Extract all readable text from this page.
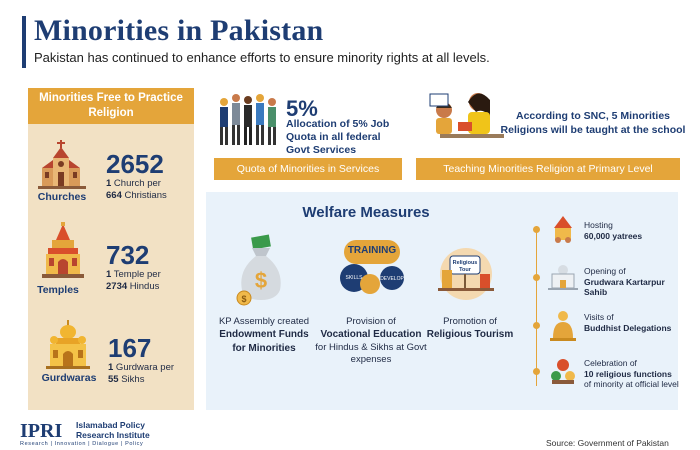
Minorities in Pakistan
Pakistan has continued to enhance efforts to ensure minority rights at all levels.
Minorities Free to Practice Religion
Churches
2652
1 Church per
664 Christians
Temples
732
1 Temple per
2734 Hindus
Gurdwaras
167
1 Gurdwara per
55 Sikhs
5%
Allocation of 5% Job Quota in all federal Govt Services
Quota of Minorities in Services
According to SNC, 5 Minorities Religions will be taught at the school
Teaching Minorities Religion at Primary Level
Welfare Measures
$
$
KP Assembly created
Endowment Funds for Minorities
TRAINING
SKILLS	DEVELOP
Provision of
Vocational Education
for Hindus & Sikhs at Govt expenses
Religious Tour
Promotion of
Religious Tourism
Hosting
60,000 yatrees
Opening of
Grudwara Kartarpur Sahib
Visits of
Buddhist Delegations
Celebration of
10 religious functions
of minority at official level
IPRI Islamabad Policy
Research Institute
Research | Innovation | Dialogue | Policy	Source: Government of Pakistan
